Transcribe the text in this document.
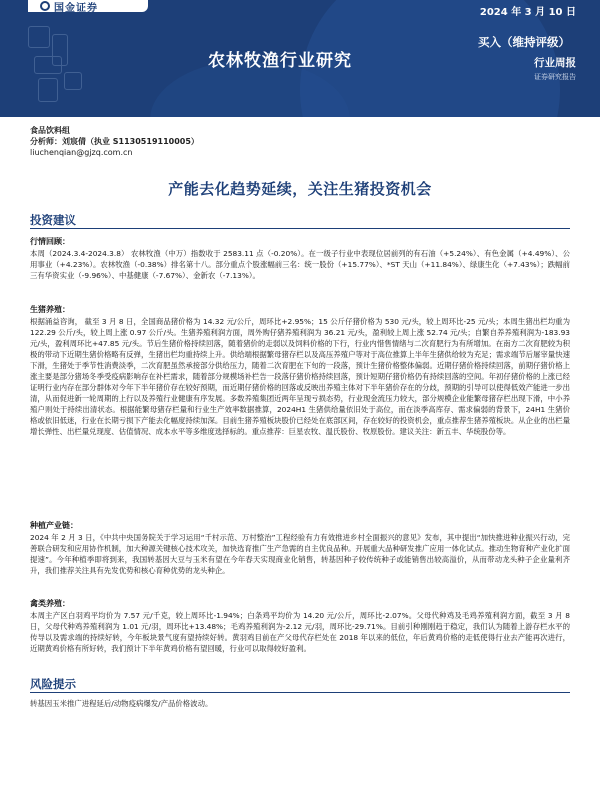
国金证券	2024 年 3 月 10 日
农林牧渔行业研究
买入（维持评级）
行业周报
证券研究报告
食品饮料组
分析师：刘宸倩（执业 S1130519110005）
liuchenqian@gjzq.com.cn
产能去化趋势延续，关注生猪投资机会
投资建议
行情回顾：

本周（2024.3.4-2024.3.8） 农林牧渔（中万）指数收于 2583.11 点（-0.20%）。在一级子行业中表现位居前列的有石油（+5.24%）、有色金属（+4.49%）、公用事业（+4.23%）。农林牧渔（-0.38%）排名第十八。部分重点个股涨幅前三名：统一股份（+15.77%）、*ST 天山（+11.84%）、绿康生化（+7.43%）；跌幅前三有华资实业（-9.96%）、中基健康（-7.67%）、金新农（-7.13%）。

生猪养殖：

根据涌益咨询， 截至 3 月 8 日，全国商品猪价格为 14.32 元/公斤，周环比+2.95%；15 公斤仔猪价格为 530 元/头，较上周环比-25 元/头；本周生猪出栏均重为 122.29 公斤/头，较上周上涨 0.97 公斤/头。生猪养殖利润方面，周外购仔猪养殖利润为 36.21 元/头，盈利较上周上涨 52.74 元/头；自繁自养养殖利润为-183.93 元/头，盈利周环比+47.85 元/头。节后生猪价格持续回落，随着猪价的走弱以及饲料价格的下行，行业内惜售情绪与二次育肥行为有所增加。在南方二次育肥较为积极的带动下近期生猪价格略有反弹，生猪出栏均重持续上升。供给端根据繁母猪存栏以及高压养殖户等对于高位推算上半年生猪供给较为充足；需求端节后屠宰量快速下滑，生猪处于季节性消费淡季，二次育肥虽然承接部分供给压力，随着二次育肥在下旬的一段落，预计生猪价格整体偏弱。近期仔猪价格持续回落，前期仔猪价格上涨主要是部分猪场冬季受疫病影响存在补栏需求，随着部分规模场补栏告一段落仔猪价格持续回落，预计短期仔猪价格仍有持续回落的空间。年初仔猪价格的上涨已经证明行业内存在部分群体对今年下半年猪价存在较好预期，而近期仔猪价格的回落或反映出养殖主体对下半年猪价存在的分歧，预期的引导可以使得低效产能进一步出清，从而促进新一轮周期的上行以及养殖行业健康有序发展。多数养殖集团近两年呈现亏损态势，行业现金流压力较大，部分规模企业能繁母猪存栏出现下滑，中小养殖户则处于持续出清状态。根据能繁母猪存栏量和行业生产效率数据推算，2024H1 生猪供给量依旧处于高位，而在淡季高库存、需求偏弱的背景下，24H1 生猪价格或依旧低迷，行业在长期亏损下产能去化幅度持续加深。目前生猪养殖板块股价已经处在底部区间，存在较好的投资机会，重点推荐生猪养殖板块。从企业的出栏量增长弹性、出栏量兑现度、估值情况、成本水平等多维度选择标的。重点推荐：巨星农牧、温氏股份、牧原股份。建议关注：新五丰、华统股份等。

种植产业链：

2024 年 2 月 3 日，《中共中央国务院关于学习运用“千村示范、万村整治”工程经验有力有效推进乡村全面振兴的意见》发布，其中提出“加快推进种业振兴行动，完善联合研发和应用协作机制，加大种源关键核心技术攻关，加快选育推广生产急需的自主优良品种。开展重大品种研发推广应用一体化试点。推动生物育种产业化扩面提速”。今年种植季即将到来，我国转基因大豆与玉米有望在今年春天实现商业化销售，转基因种子较传统种子或能销售出较高溢价，从而带动龙头种子企业量利齐升，我们推荐关注具有先发优势和核心育种优势的龙头种企。

禽类养殖：

本周主产区白羽鸡平均价为 7.57 元/千克，较上周环比-1.94%；白条鸡平均价为 14.20 元/公斤，周环比-2.07%。父母代种鸡及毛鸡养殖利润方面，截至 3 月 8 日，父母代种鸡养殖利润为 1.01 元/羽，周环比+13.48%；毛鸡养殖利润为-2.12 元/羽，周环比-29.71%。目前引种刚刚趋于稳定，我们认为随着上游存栏水平的传导以及需求端的持续好转，今年板块景气度有望持续好转。黄羽鸡目前在产父母代存栏处在 2018 年以来的低位，年后黄鸡价格的走低使得行业去产能再次进行，近期黄鸡价格有所好转，我们预计下半年黄鸡价格有望回暖，行业可以取得较好盈利。

风险提示

转基因玉米推广进程延后/动物疫病爆发/产品价格波动。
